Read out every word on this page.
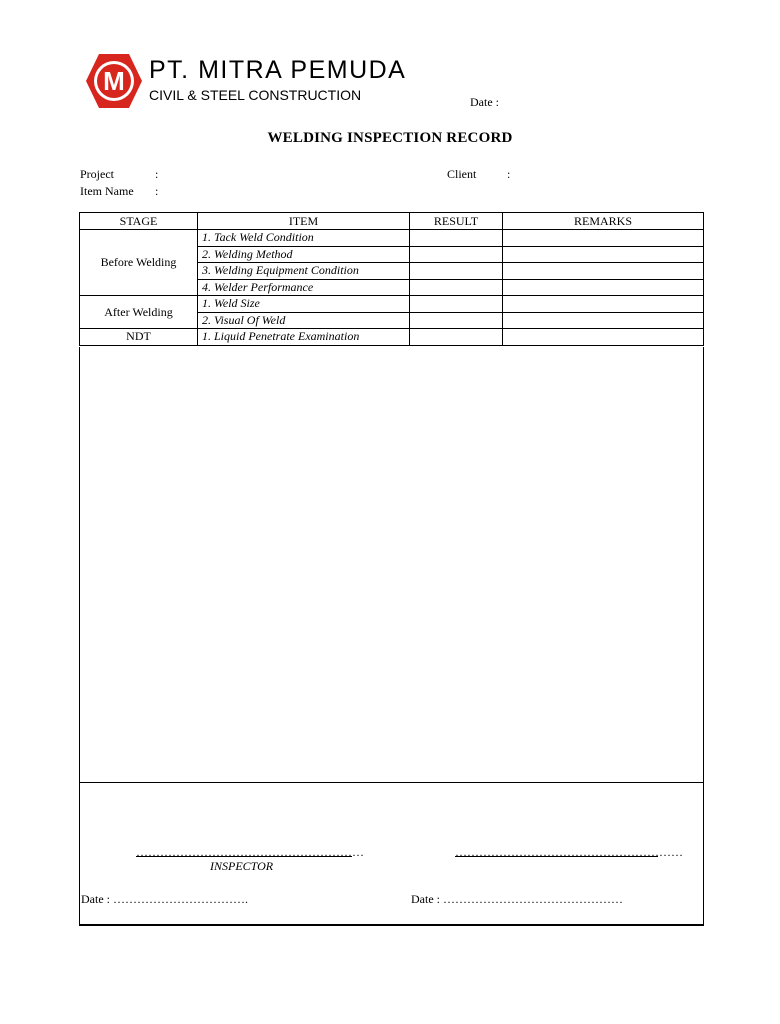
M PT. MITRA PEMUDA
CIVIL & STEEL CONSTRUCTION	Date :
WELDING INSPECTION RECORD
Project	:
Item Name :
Client	:
STAGE	ITEM	RESULT	REMARKS
Before Welding	1. Tack Weld Condition		
	2. Welding Method		
	3. Welding Equipment Condition		
	4. Welder Performance		
After Welding	1. Weld Size		
	2. Visual Of Weld		
NDT	1. Liquid Penetrate Examination		
…………………………………………………
INSPECTOR
…………………………………………………
Date : …………………………….	Date : ………………………………………
